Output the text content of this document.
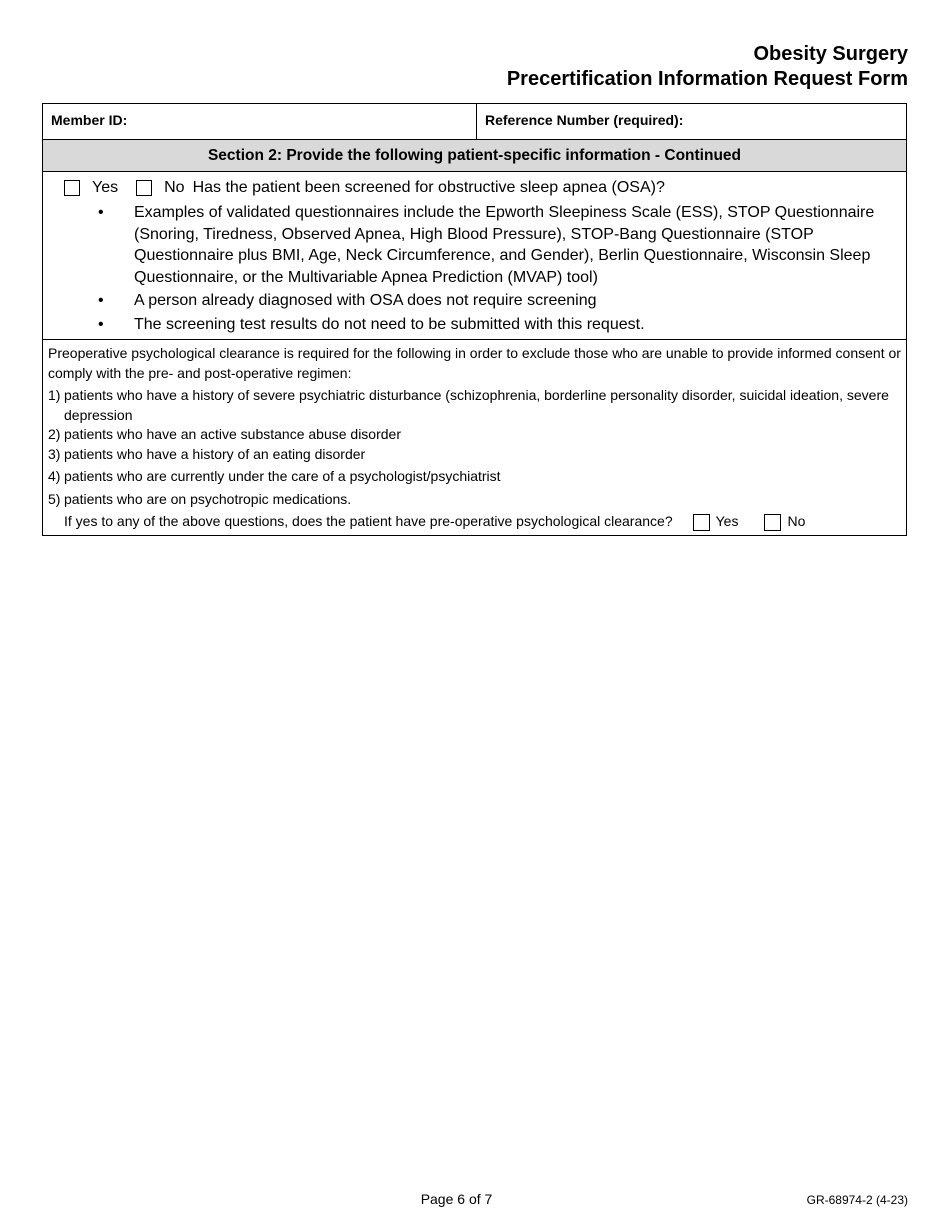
Obesity Surgery
Precertification Information Request Form
Member ID:	Reference Number (required):
Section 2: Provide the following patient-specific information - Continued
Yes	No Has the patient been screened for obstructive sleep apnea (OSA)?
•	Examples of validated questionnaires include the Epworth Sleepiness Scale (ESS), STOP Questionnaire (Snoring, Tiredness, Observed Apnea, High Blood Pressure), STOP-Bang Questionnaire (STOP Questionnaire plus BMI, Age, Neck Circumference, and Gender), Berlin Questionnaire, Wisconsin Sleep Questionnaire, or the Multivariable Apnea Prediction (MVAP) tool)
•	A person already diagnosed with OSA does not require screening
•	The screening test results do not need to be submitted with this request.
Preoperative psychological clearance is required for the following in order to exclude those who are unable to provide informed consent or comply with the pre- and post-operative regimen:
1) patients who have a history of severe psychiatric disturbance (schizophrenia, borderline personality disorder, suicidal ideation, severe depression
2) patients who have an active substance abuse disorder
3) patients who have a history of an eating disorder
4) patients who are currently under the care of a psychologist/psychiatrist
5) patients who are on psychotropic medications.
If yes to any of the above questions, does the patient have pre-operative psychological clearance?	Yes	No
Page 6 of 7	GR-68974-2 (4-23)
